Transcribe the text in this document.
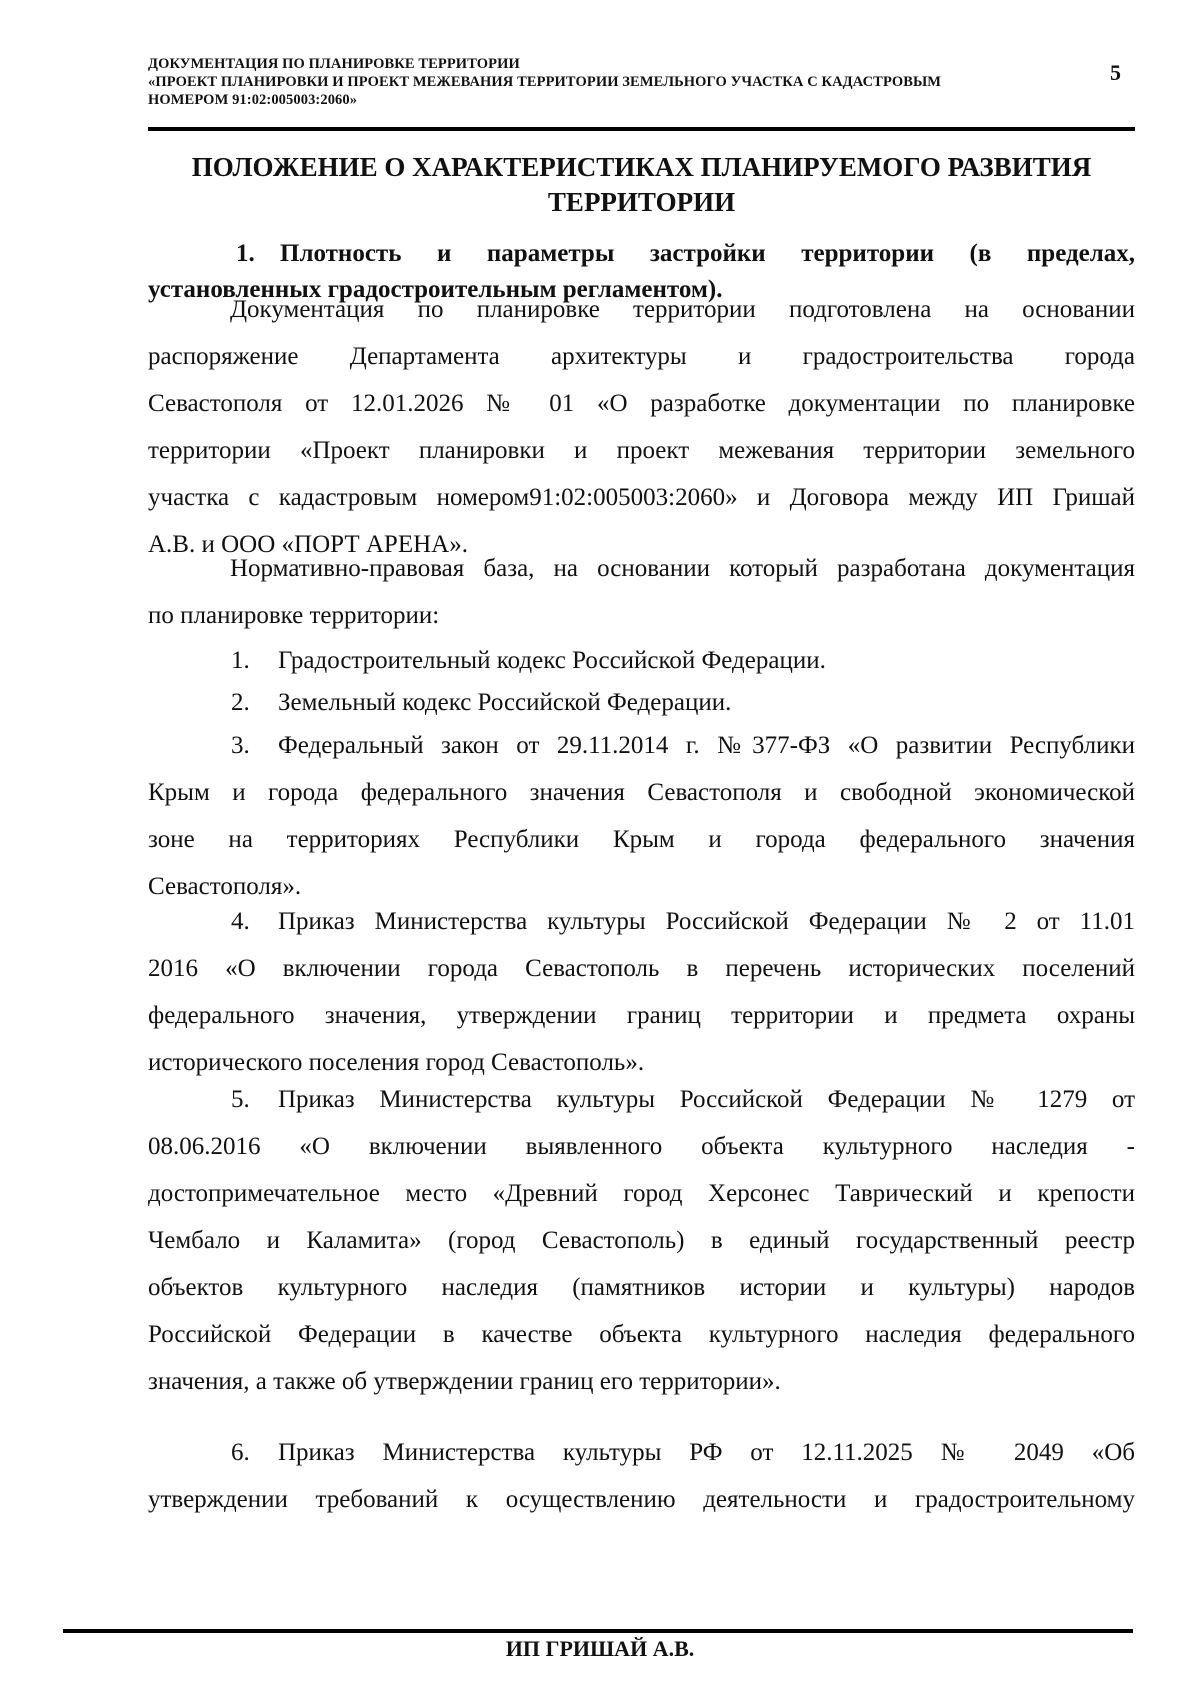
ДОКУМЕНТАЦИЯ ПО ПЛАНИРОВКЕ ТЕРРИТОРИИ
«ПРОЕКТ ПЛАНИРОВКИ И ПРОЕКТ МЕЖЕВАНИЯ ТЕРРИТОРИИ ЗЕМЕЛЬНОГО УЧАСТКА С КАДАСТРОВЫМ
НОМЕРОМ 91:02:005003:2060»
5
ПОЛОЖЕНИЕ О ХАРАКТЕРИСТИКАХ ПЛАНИРУЕМОГО РАЗВИТИЯ
ТЕРРИТОРИИ
1.	Плотность и параметры застройки территории (в пределах,
установленных градостроительным регламентом).
Документация по планировке территории подготовлена на основании
распоряжение Департамента архитектуры и градостроительства города
Севастополя от 12.01.2026 № 01 «О разработке документации по планировке
территории «Проект планировки и проект межевания территории земельного
участка с кадастровым номером91:02:005003:2060» и Договора между ИП Гришай
А.В. и ООО «ПОРТ АРЕНА».
Нормативно-правовая база, на основании который разработана документация
по планировке территории:
1. Градостроительный кодекс Российской Федерации.
2. Земельный кодекс Российской Федерации.
3.	Федеральный закон от 29.11.2014 г. №377-ФЗ «О развитии Республики
Крым и города федерального значения Севастополя и свободной экономической
зоне на территориях Республики Крым и города федерального значения
Севастополя».
4.	Приказ Министерства культуры Российской Федерации № 2 от 11.01
2016 «О включении города Севастополь в перечень исторических поселений
федерального значения, утверждении границ территории и предмета охраны
исторического поселения город Севастополь».
5.	Приказ Министерства культуры Российской Федерации № 1279 от
08.06.2016 «О включении выявленного объекта культурного наследия -
достопримечательное место «Древний город Херсонес Таврический и крепости
Чембало и Каламита» (город Севастополь) в единый государственный реестр
объектов культурного наследия (памятников истории и культуры) народов
Российской Федерации в качестве объекта культурного наследия федерального
значения, а также об утверждении границ его территории».
6.	Приказ Министерства культуры РФ от 12.11.2025 № 2049 «Об
утверждении требований к осуществлению деятельности и градостроительному
ИП ГРИШАЙ А.В.
